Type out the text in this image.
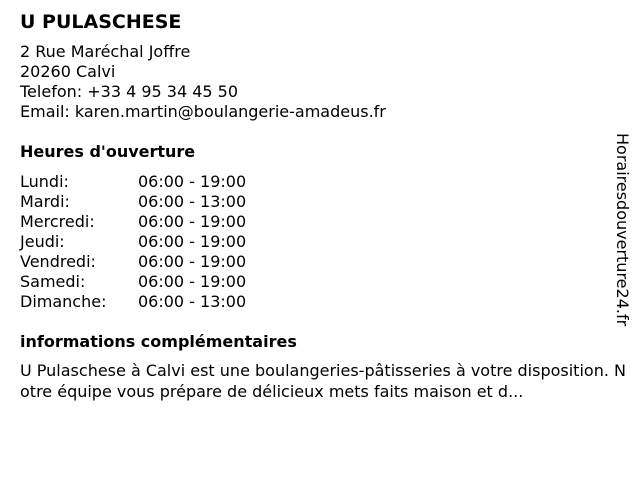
U PULASCHESE
2 Rue Maréchal Joffre
20260 Calvi
Telefon: +33 4 95 34 45 50
Email: karen.martin@boulangerie-amadeus.fr
Heures d'ouverture
Lundi:	06:00 - 19:00
Mardi:	06:00 - 13:00
Mercredi:	06:00 - 19:00
Jeudi:	06:00 - 19:00
Vendredi:	06:00 - 19:00
Samedi:	06:00 - 19:00
Dimanche:	06:00 - 13:00
informations complémentaires

U Pulaschese à Calvi est une boulangeries-pâtisseries à votre disposition. Notre équipe vous prépare de délicieux mets faits maison et d...

Horairesdouverture24.fr
